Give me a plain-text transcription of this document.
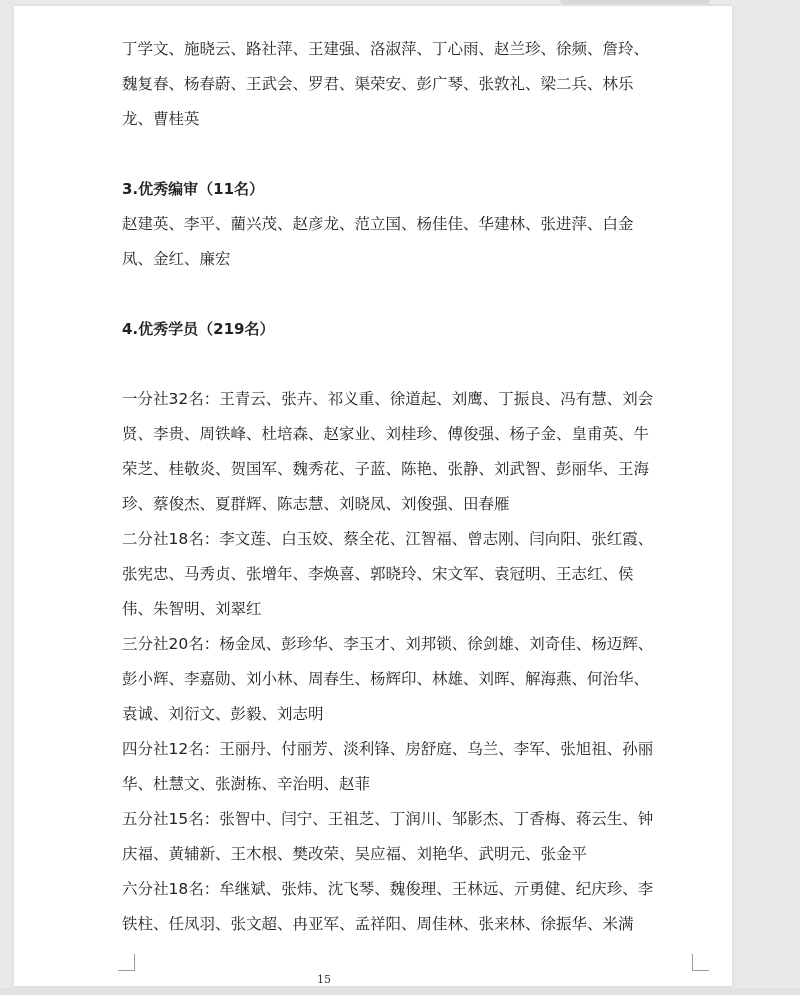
丁学文、施晓云、路社萍、王建强、洛淑萍、丁心雨、赵兰珍、徐频、詹玲、

魏复春、杨春蔚、王武会、罗君、渠荣安、彭广琴、张敦礼、梁二兵、林乐

龙、曹桂英

3.优秀编审（11名）

赵建英、李平、藺兴茂、赵彦龙、范立国、杨佳佳、华建林、张进萍、白金

凤、金红、廉宏

4.优秀学员（219名）

一分社32名：王青云、张卉、祁义重、徐道起、刘鹰、丁振良、冯有慧、刘会

贤、李贵、周铁峰、杜培森、赵家业、刘桂珍、傅俊强、杨子金、皇甫英、牛

荣芝、桂敬炎、贺国军、魏秀花、子蓝、陈艳、张静、刘武智、彭丽华、王海

珍、蔡俊杰、夏群辉、陈志慧、刘晓凤、刘俊强、田春雁

二分社18名：李文莲、白玉姣、蔡全花、江智福、曾志刚、闫向阳、张红霞、

张宪忠、马秀贞、张增年、李焕喜、郭晓玲、宋文军、袁冠明、王志红、侯

伟、朱智明、刘翠红

三分社20名：杨金凤、彭珍华、李玉才、刘邦锁、徐剑雄、刘奇佳、杨迈辉、

彭小辉、李嘉勋、刘小林、周春生、杨辉印、林雄、刘晖、解海燕、何治华、

袁诚、刘衍文、彭毅、刘志明

四分社12名：王丽丹、付丽芳、淡利锋、房舒庭、乌兰、李军、张旭祖、孙丽

华、杜慧文、张澍栋、辛治明、赵菲

五分社15名：张智中、闫宁、王祖芝、丁润川、邹影杰、丁香梅、蒋云生、钟

庆福、黄辅新、王木根、樊改荣、吴应福、刘艳华、武明元、张金平

六分社18名：牟继斌、张炜、沈飞琴、魏俊理、王林远、亓勇健、纪庆珍、李

铁柱、任凤羽、张文超、冉亚军、孟祥阳、周佳林、张来林、徐振华、米满

15
